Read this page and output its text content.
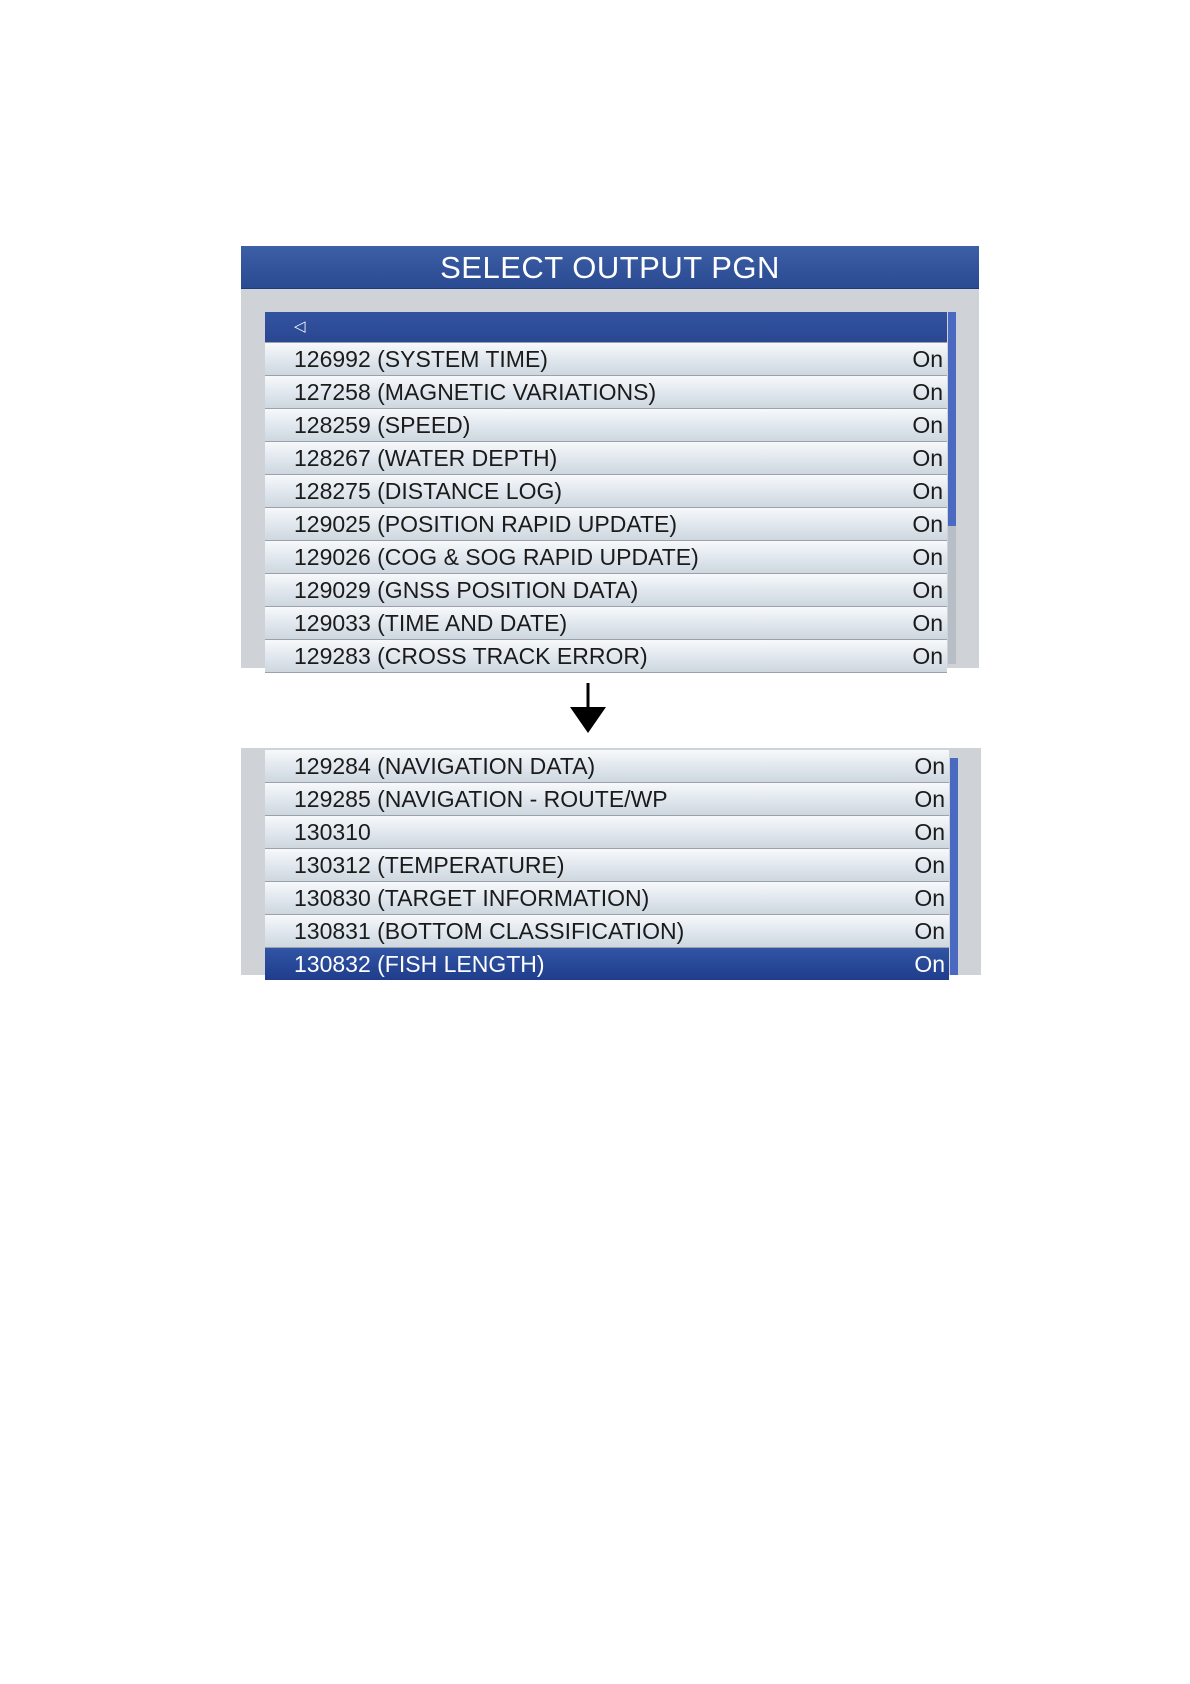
SELECT OUTPUT PGN
◁
126992 (SYSTEM TIME)	On
127258 (MAGNETIC VARIATIONS)	On
128259 (SPEED)	On
128267 (WATER DEPTH)	On
128275 (DISTANCE LOG)	On
129025 (POSITION RAPID UPDATE)	On
129026 (COG & SOG RAPID UPDATE)	On
129029 (GNSS POSITION DATA)	On
129033 (TIME AND DATE)	On
129283 (CROSS TRACK ERROR)	On
129284 (NAVIGATION DATA)	On
129285 (NAVIGATION - ROUTE/WP	On
130310	On
130312 (TEMPERATURE)	On
130830 (TARGET INFORMATION)	On
130831 (BOTTOM CLASSIFICATION)	On
130832 (FISH LENGTH)	On
